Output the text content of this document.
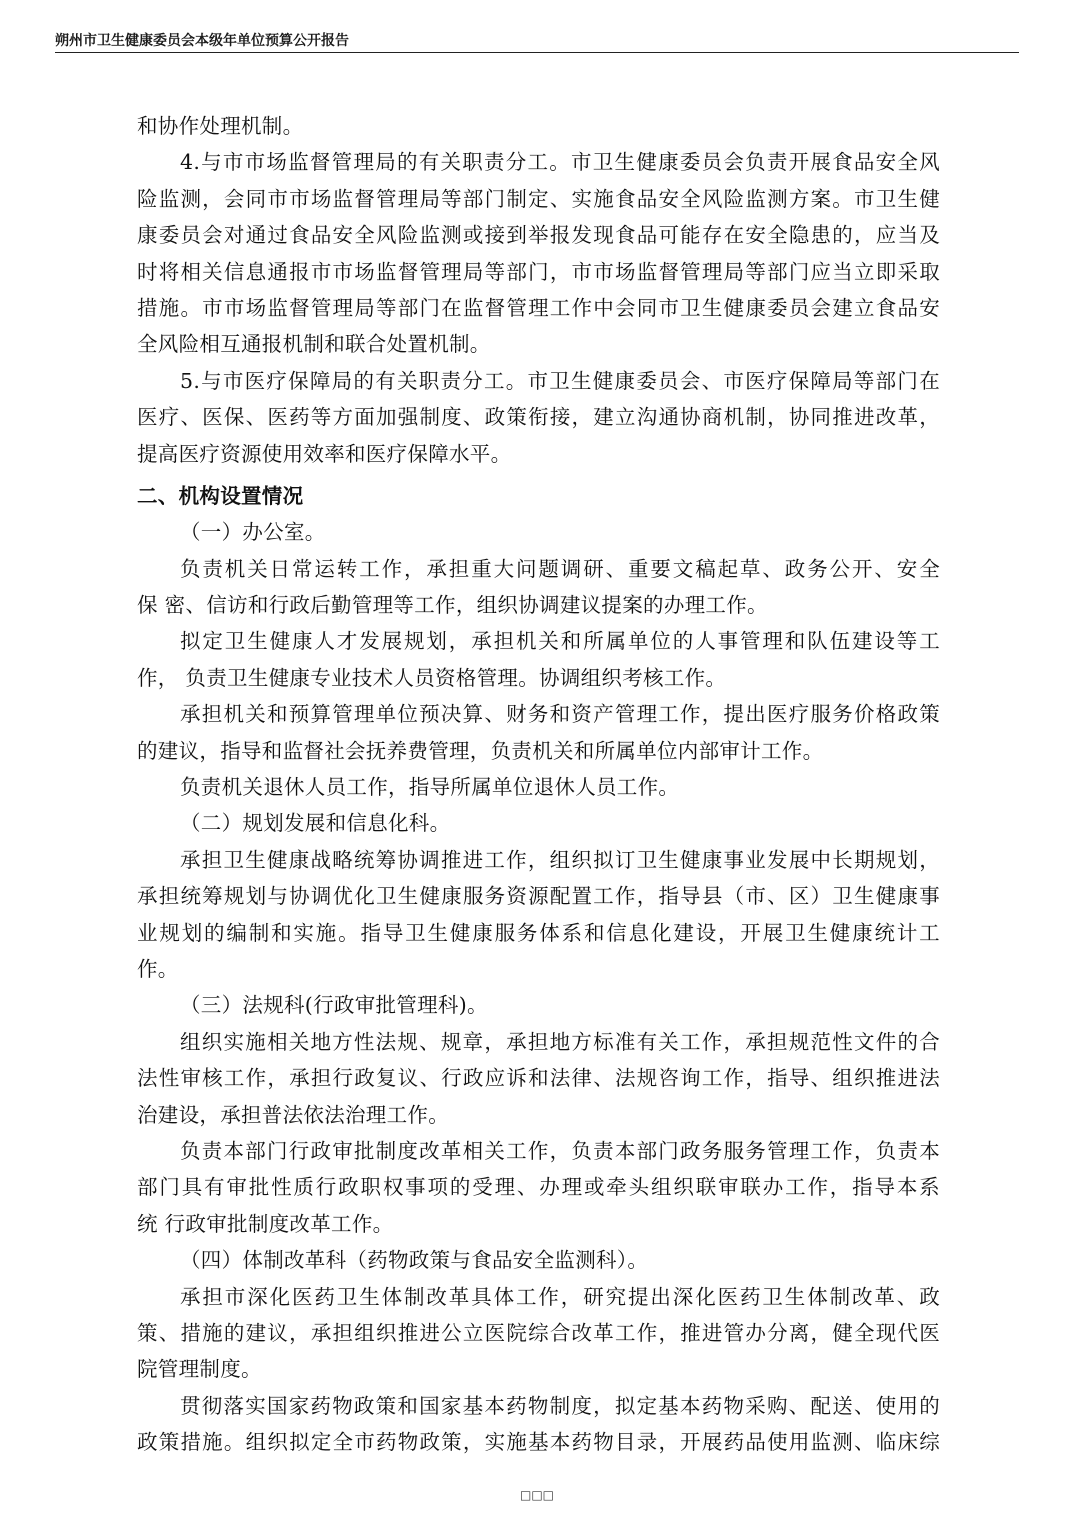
朔州市卫生健康委员会本级年单位预算公开报告
和协作处理机制。
4.与市市场监督管理局的有关职责分工。市卫生健康委员会负责开展食品安全风
险监测，会同市市场监督管理局等部门制定、实施食品安全风险监测方案。市卫生健
康委员会对通过食品安全风险监测或接到举报发现食品可能存在安全隐患的，应当及
时将相关信息通报市市场监督管理局等部门，市市场监督管理局等部门应当立即采取
措施。市市场监督管理局等部门在监督管理工作中会同市卫生健康委员会建立食品安
全风险相互通报机制和联合处置机制。
5.与市医疗保障局的有关职责分工。市卫生健康委员会、市医疗保障局等部门在
医疗、医保、医药等方面加强制度、政策衔接，建立沟通协商机制，协同推进改革，
提高医疗资源使用效率和医疗保障水平。
二、机构设置情况
（一）办公室。
负责机关日常运转工作，承担重大问题调研、重要文稿起草、政务公开、安全
保 密、信访和行政后勤管理等工作，组织协调建议提案的办理工作。
拟定卫生健康人才发展规划，承担机关和所属单位的人事管理和队伍建设等工
作， 负责卫生健康专业技术人员资格管理。协调组织考核工作。
承担机关和预算管理单位预决算、财务和资产管理工作，提出医疗服务价格政策
的建议，指导和监督社会抚养费管理，负责机关和所属单位内部审计工作。
负责机关退休人员工作，指导所属单位退休人员工作。
（二）规划发展和信息化科。
承担卫生健康战略统筹协调推进工作，组织拟订卫生健康事业发展中长期规划，
承担统筹规划与协调优化卫生健康服务资源配置工作，指导县（市、区）卫生健康事
业规划的编制和实施。指导卫生健康服务体系和信息化建设，开展卫生健康统计工
作。
（三）法规科(行政审批管理科)。
组织实施相关地方性法规、规章，承担地方标准有关工作，承担规范性文件的合
法性审核工作，承担行政复议、行政应诉和法律、法规咨询工作，指导、组织推进法
治建设，承担普法依法治理工作。
负责本部门行政审批制度改革相关工作，负责本部门政务服务管理工作，负责本
部门具有审批性质行政职权事项的受理、办理或牵头组织联审联办工作，指导本系
统 行政审批制度改革工作。
（四）体制改革科（药物政策与食品安全监测科）。
承担市深化医药卫生体制改革具体工作，研究提出深化医药卫生体制改革、政
策、措施的建议，承担组织推进公立医院综合改革工作，推进管办分离，健全现代医
院管理制度。
贯彻落实国家药物政策和国家基本药物制度，拟定基本药物采购、配送、使用的
政策措施。组织拟定全市药物政策，实施基本药物目录，开展药品使用监测、临床综
□□□
